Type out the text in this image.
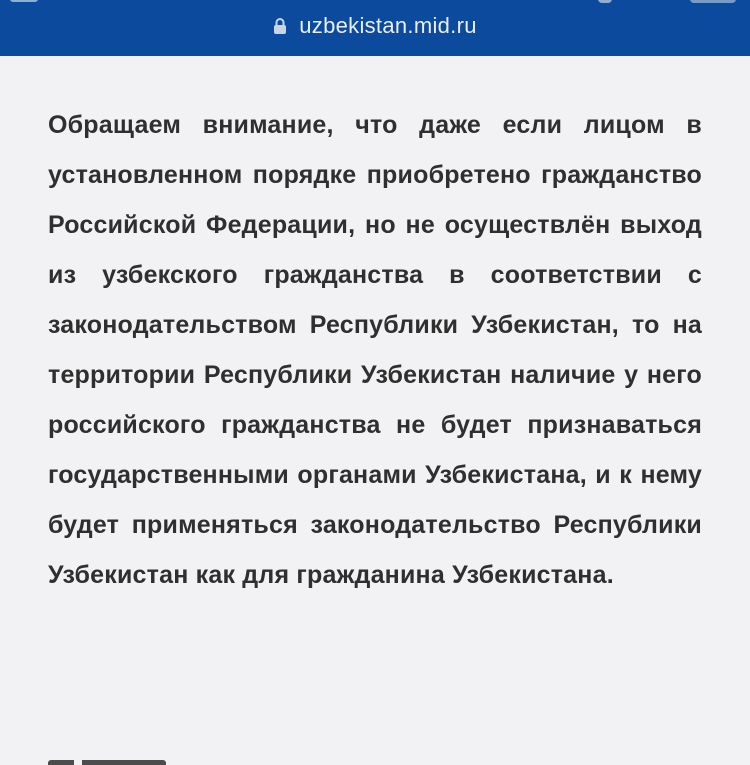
uzbekistan.mid.ru

Обращаем внимание, что даже если лицом в установленном порядке приобретено гражданство Российской Федерации, но не осуществлён выход из узбекского гражданства в соответствии с законодательством Республики Узбекистан, то на территории Республики Узбекистан наличие у него российского гражданства не будет признаваться государственными органами Узбекистана, и к нему будет применяться законодательство Республики Узбекистан как для гражданина Узбекистана.
